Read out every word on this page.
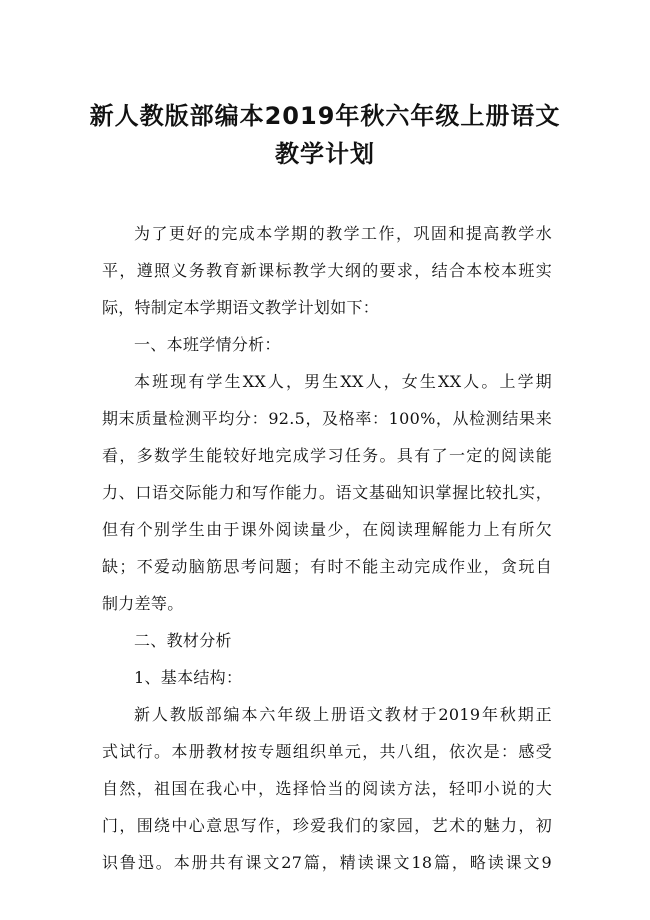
新人教版部编本2019年秋六年级上册语文
教学计划
为了更好的完成本学期的教学工作，巩固和提高教学水
平，遵照义务教育新课标教学大纲的要求，结合本校本班实
际，特制定本学期语文教学计划如下：
一、本班学情分析：
本班现有学生XX人，男生XX人，女生XX人。上学期
期末质量检测平均分：92.5，及格率：100%，从检测结果来
看，多数学生能较好地完成学习任务。具有了一定的阅读能
力、口语交际能力和写作能力。语文基础知识掌握比较扎实，
但有个别学生由于课外阅读量少，在阅读理解能力上有所欠
缺；不爱动脑筋思考问题；有时不能主动完成作业，贪玩自
制力差等。
二、教材分析
1、基本结构：
新人教版部编本六年级上册语文教材于2019年秋期正
式试行。本册教材按专题组织单元，共八组，依次是：感受
自然，祖国在我心中，选择恰当的阅读方法，轻叩小说的大
门，围绕中心意思写作，珍爱我们的家园，艺术的魅力，初
识鲁迅。本册共有课文27篇，精读课文18篇，略读课文9
